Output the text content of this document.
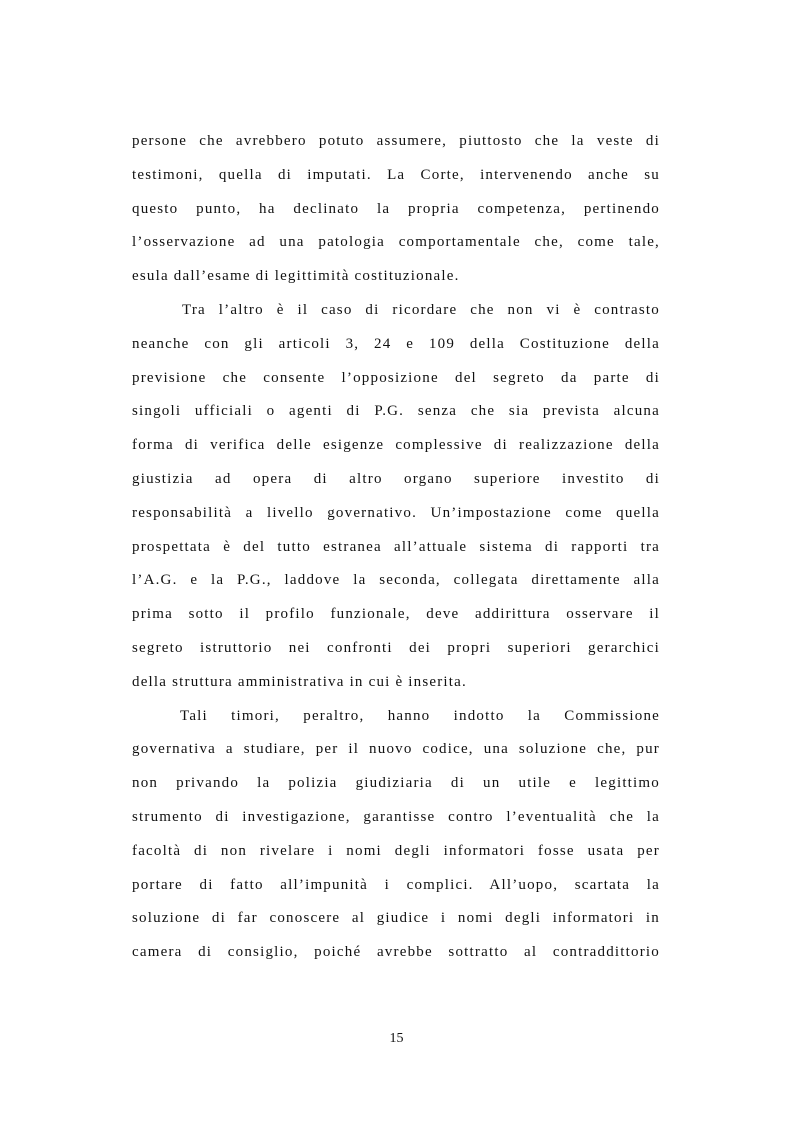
persone che avrebbero potuto assumere, piuttosto che la veste di
testimoni, quella di imputati. La Corte, intervenendo anche su
questo punto, ha declinato la propria competenza, pertinendo
l’osservazione ad una patologia comportamentale che, come tale,
esula dall’esame di legittimità costituzionale.
Tra l’altro è il caso di ricordare che non vi è contrasto
neanche con gli articoli 3, 24 e 109 della Costituzione della
previsione che consente l’opposizione del segreto da parte di
singoli ufficiali o agenti di P.G. senza che sia prevista alcuna
forma di verifica delle esigenze complessive di realizzazione della
giustizia ad opera di altro organo superiore investito di
responsabilità a livello governativo. Un’impostazione come quella
prospettata è del tutto estranea all’attuale sistema di rapporti tra
l’A.G. e la P.G., laddove la seconda, collegata direttamente alla
prima sotto il profilo funzionale, deve addirittura osservare il
segreto istruttorio nei confronti dei propri superiori gerarchici
della struttura amministrativa in cui è inserita.
Tali timori, peraltro, hanno indotto la Commissione
governativa a studiare, per il nuovo codice, una soluzione che, pur
non privando la polizia giudiziaria di un utile e legittimo
strumento di investigazione, garantisse contro l’eventualità che la
facoltà di non rivelare i nomi degli informatori fosse usata per
portare di fatto all’impunità i complici. All’uopo, scartata la
soluzione di far conoscere al giudice i nomi degli informatori in
camera di consiglio, poiché avrebbe sottratto al contraddittorio
15
